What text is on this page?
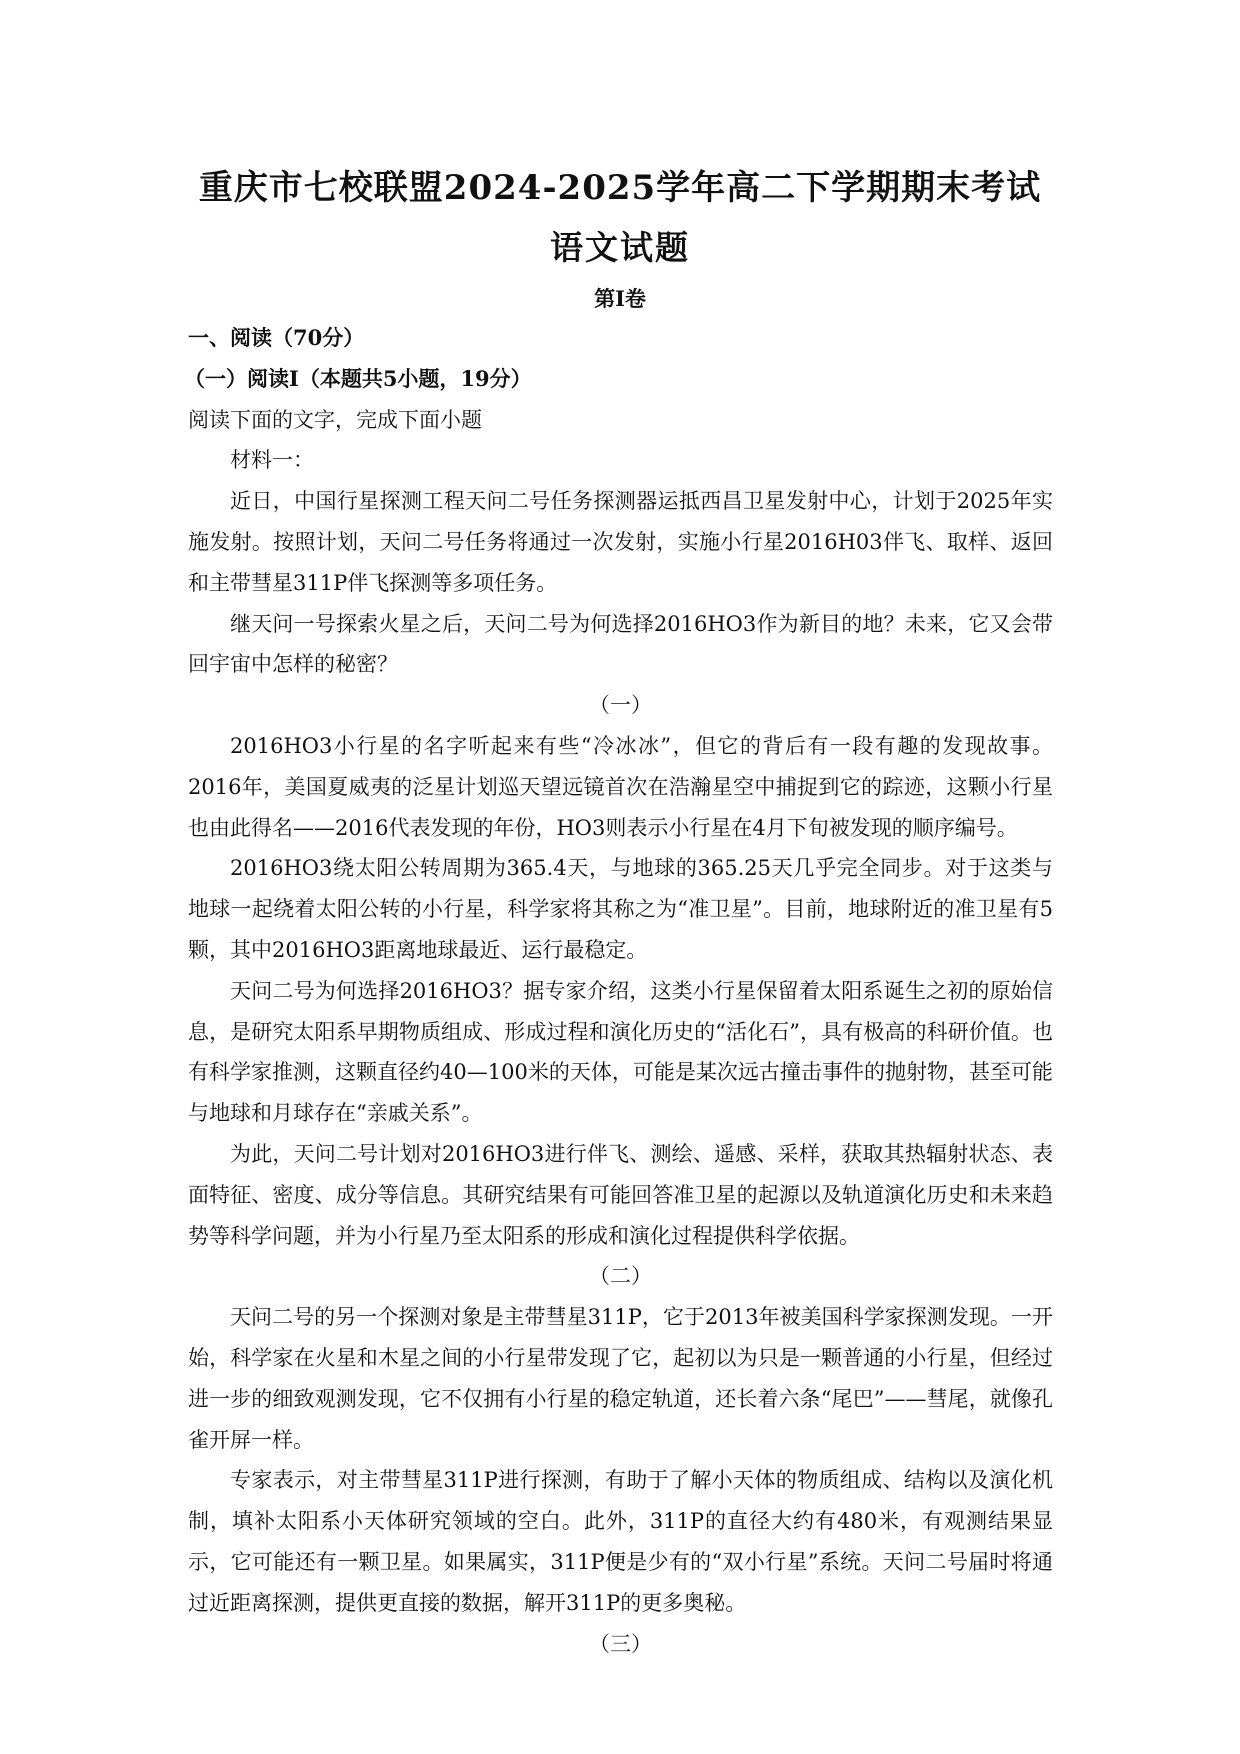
重庆市七校联盟2024-2025学年高二下学期期末考试
语文试题
第I卷

一、阅读（70分）

（一）阅读I（本题共5小题，19分）

阅读下面的文字，完成下面小题

材料一：

近日，中国行星探测工程天问二号任务探测器运抵西昌卫星发射中心，计划于2025年实施发射。按照计划，天问二号任务将通过一次发射，实施小行星2016H03伴飞、取样、返回和主带彗星311P伴飞探测等多项任务。

继天问一号探索火星之后，天问二号为何选择2016HO3作为新目的地？未来，它又会带回宇宙中怎样的秘密？

（一）

2016HO3小行星的名字听起来有些“冷冰冰”，但它的背后有一段有趣的发现故事。2016年，美国夏威夷的泛星计划巡天望远镜首次在浩瀚星空中捕捉到它的踪迹，这颗小行星也由此得名——2016代表发现的年份，HO3则表示小行星在4月下旬被发现的顺序编号。

2016HO3绕太阳公转周期为365.4天，与地球的365.25天几乎完全同步。对于这类与地球一起绕着太阳公转的小行星，科学家将其称之为“准卫星”。目前，地球附近的准卫星有5颗，其中2016HO3距离地球最近、运行最稳定。

天问二号为何选择2016HO3？据专家介绍，这类小行星保留着太阳系诞生之初的原始信息，是研究太阳系早期物质组成、形成过程和演化历史的“活化石”，具有极高的科研价值。也有科学家推测，这颗直径约40—100米的天体，可能是某次远古撞击事件的抛射物，甚至可能与地球和月球存在“亲戚关系”。

为此，天问二号计划对2016HO3进行伴飞、测绘、遥感、采样，获取其热辐射状态、表面特征、密度、成分等信息。其研究结果有可能回答准卫星的起源以及轨道演化历史和未来趋势等科学问题，并为小行星乃至太阳系的形成和演化过程提供科学依据。

（二）

天问二号的另一个探测对象是主带彗星311P，它于2013年被美国科学家探测发现。一开始，科学家在火星和木星之间的小行星带发现了它，起初以为只是一颗普通的小行星，但经过进一步的细致观测发现，它不仅拥有小行星的稳定轨道，还长着六条“尾巴”——彗尾，就像孔雀开屏一样。

专家表示，对主带彗星311P进行探测，有助于了解小天体的物质组成、结构以及演化机制，填补太阳系小天体研究领域的空白。此外，311P的直径大约有480米，有观测结果显示，它可能还有一颗卫星。如果属实，311P便是少有的“双小行星”系统。天问二号届时将通过近距离探测，提供更直接的数据，解开311P的更多奥秘。

（三）
